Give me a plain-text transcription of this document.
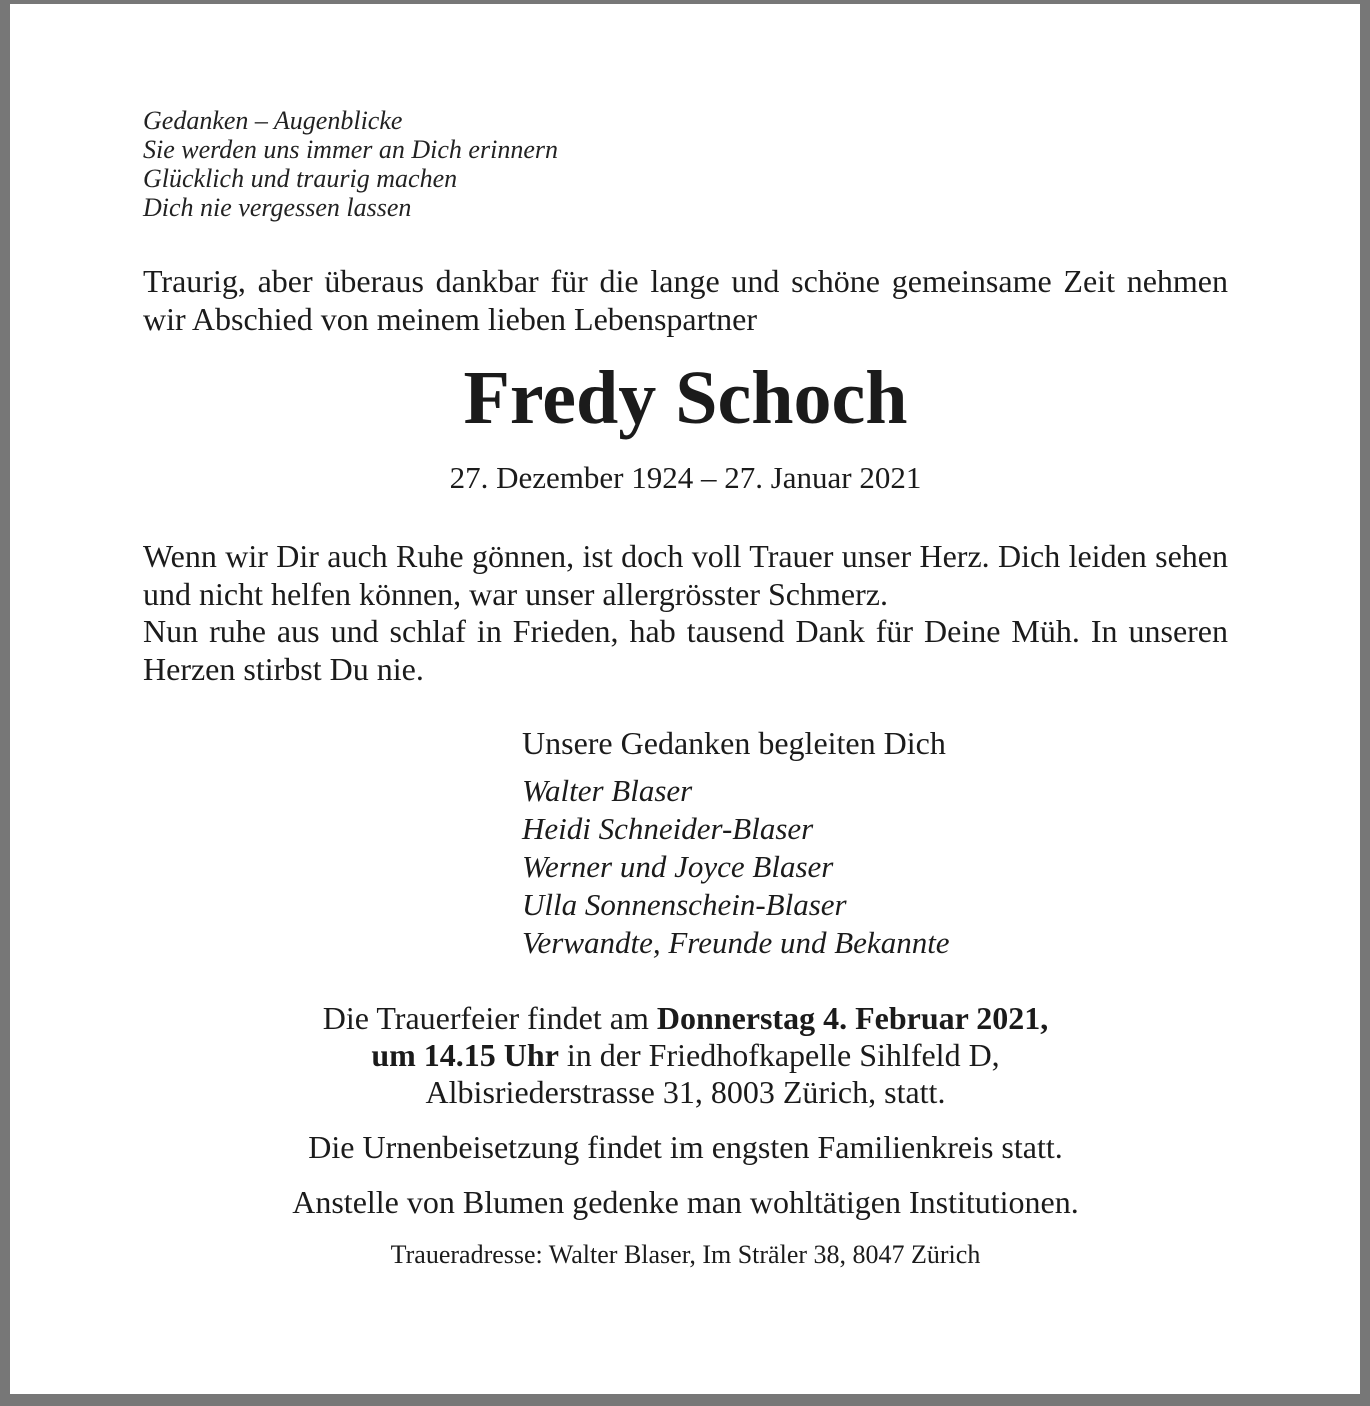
Gedanken – Augenblicke
Sie werden uns immer an Dich erinnern
Glücklich und traurig machen
Dich nie vergessen lassen
Traurig, aber überaus dankbar für die lange und schöne gemeinsame Zeit nehmen wir Abschied von meinem lieben Lebenspartner
Fredy Schoch
27. Dezember 1924 – 27. Januar 2021

Wenn wir Dir auch Ruhe gönnen, ist doch voll Trauer unser Herz. Dich leiden sehen und nicht helfen können, war unser allergrösster Schmerz.

Nun ruhe aus und schlaf in Frieden, hab tausend Dank für Deine Müh. In unseren Herzen stirbst Du nie.

Unsere Gedanken begleiten Dich
Walter Blaser
Heidi Schneider-Blaser
Werner und Joyce Blaser
Ulla Sonnenschein-Blaser
Verwandte, Freunde und Bekannte
Die Trauerfeier findet am Donnerstag 4. Februar 2021,
um 14.15 Uhr in der Friedhofkapelle Sihlfeld D,
Albisriederstrasse 31, 8003 Zürich, statt.
Die Urnenbeisetzung findet im engsten Familienkreis statt.
Anstelle von Blumen gedenke man wohltätigen Institutionen.
Traueradresse: Walter Blaser, Im Sträler 38, 8047 Zürich
